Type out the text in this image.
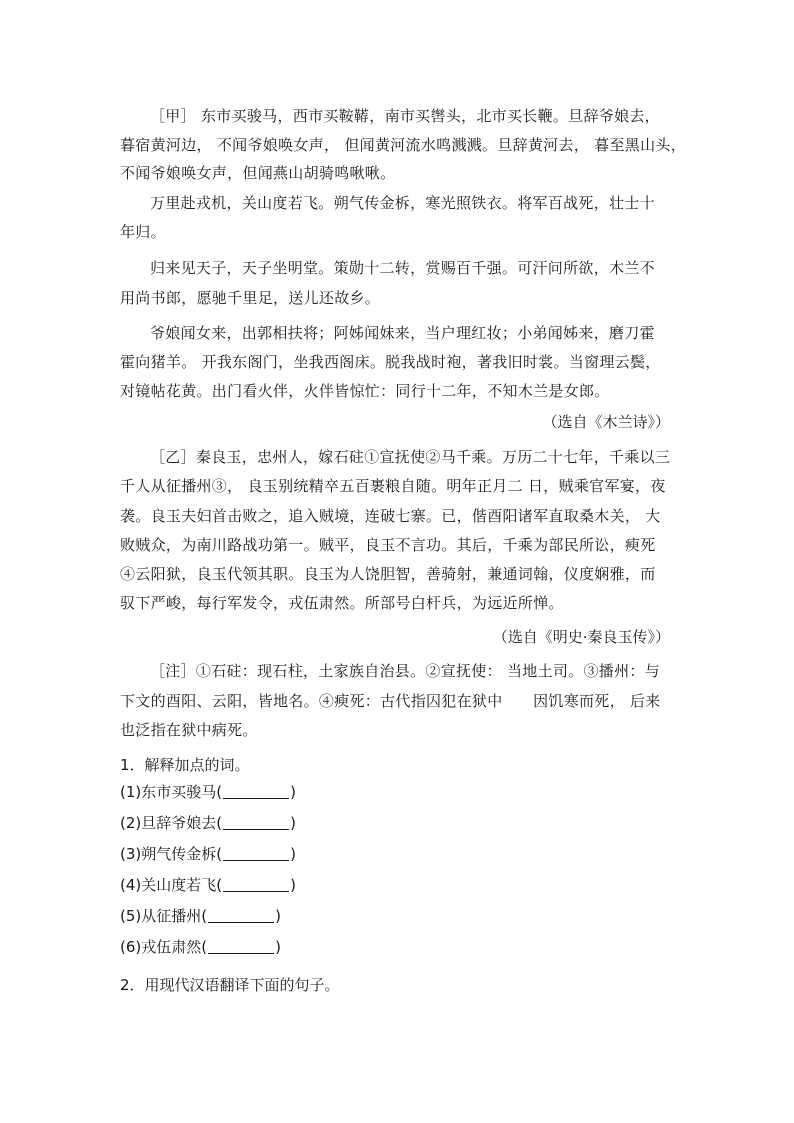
［甲］ 东市买骏马，西市买鞍鞯，南市买辔头，北市买长鞭。旦辞爷娘去，
暮宿黄河边， 不闻爷娘唤女声， 但闻黄河流水鸣溅溅。旦辞黄河去， 暮至黑山头，
不闻爷娘唤女声，但闻燕山胡骑鸣啾啾。
万里赴戎机，关山度若飞。朔气传金柝，寒光照铁衣。将军百战死，壮士十
年归。
归来见天子，天子坐明堂。策勋十二转，赏赐百千强。可汗问所欲，木兰不
用尚书郎，愿驰千里足，送儿还故乡。
爷娘闻女来，出郭相扶将；阿姊闻妹来，当户理红妆；小弟闻姊来，磨刀霍
霍向猪羊。 开我东阁门，坐我西阁床。脱我战时袍，著我旧时裳。当窗理云鬓，
对镜帖花黄。出门看火伴，火伴皆惊忙：同行十二年，不知木兰是女郎。
（选自《木兰诗》）
［乙］秦良玉，忠州人，嫁石砫①宣抚使②马千乘。万历二十七年，千乘以三
千人从征播州③， 良玉别统精卒五百裹粮自随。明年正月二 日，贼乘官军宴，夜
袭。良玉夫妇首击败之，追入贼境，连破七寨。已，偕酉阳诸军直取桑木关， 大
败贼众，为南川路战功第一。贼平，良玉不言功。其后，千乘为部民所讼，瘐死
④云阳狱，良玉代领其职。良玉为人饶胆智，善骑射，兼通词翰，仪度娴雅，而
驭下严峻，每行军发令，戎伍肃然。所部号白杆兵，为远近所惮。
（选自《明史·秦良玉传》）
［注］①石砫：现石柱，土家族自治县。②宣抚使： 当地土司。③播州：与
下文的酉阳、云阳，皆地名。④瘐死：古代指囚犯在狱中　　因饥寒而死， 后来
也泛指在狱中病死。
1．解释加点的词。
(1)东市买骏马(	)
(2)旦辞爷娘去(	)
(3)朔气传金柝(	)
(4)关山度若飞(	)
(5)从征播州(	)
(6)戎伍肃然(	)
2．用现代汉语翻译下面的句子。
